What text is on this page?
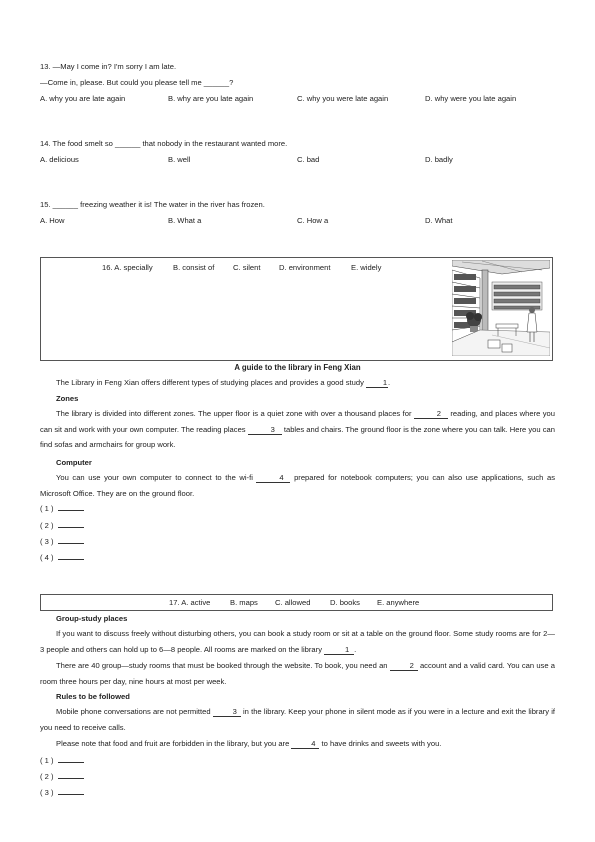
13. —May I come in? I'm sorry I am late.
—Come in, please. But could you please tell me ______?
A. why you are late again	B. why are you late again	C. why you were late again	D. why were you late again
14. The food smelt so ______ that nobody in the restaurant wanted more.
A. delicious	B. well	C. bad	D. badly
15. ______ freezing weather it is! The water in the river has frozen.
A. How	B. What a	C. How a	D. What
16. A. specially	B. consist of C. silent D. environment	E. widely
A guide to the library in Feng Xian
The Library in Feng Xian offers different types of studying places and provides a good study 1.
Zones
The library is divided into different zones. The upper floor is a quiet zone with over a thousand places for	2 reading, and places where you can sit and work with your own computer. The reading places	3 tables and chairs. The ground floor is the zone where you can talk. Here you can find sofas and armchairs for group work.
Computer
You can use your own computer to connect to the wi-fi	4 prepared for notebook computers; you can also use applications, such as Microsoft Office. They are on the ground floor.
( 1 )
( 2 )
( 3 )
( 4 )
17. A. active	B. maps C. allowed	D. books E. anywhere
Group-study places
If you want to discuss freely without disturbing others, you can book a study room or sit at a table on the ground floor. Some study rooms are for 2—3 people and others can hold up to 6—8 people. All rooms are marked on the library	1 .
There are 40 group—study rooms that must be booked through the website. To book, you need an	2 account and a valid card. You can use a room three hours per day, nine hours at most per week.
Rules to be followed
Mobile phone conversations are not permitted	3 in the library. Keep your phone in silent mode as if you were in a lecture and exit the library if you need to receive calls.
Please note that food and fruit are forbidden in the library, but you are	4 to have drinks and sweets with you.
( 1 )
( 2 )
( 3 )
